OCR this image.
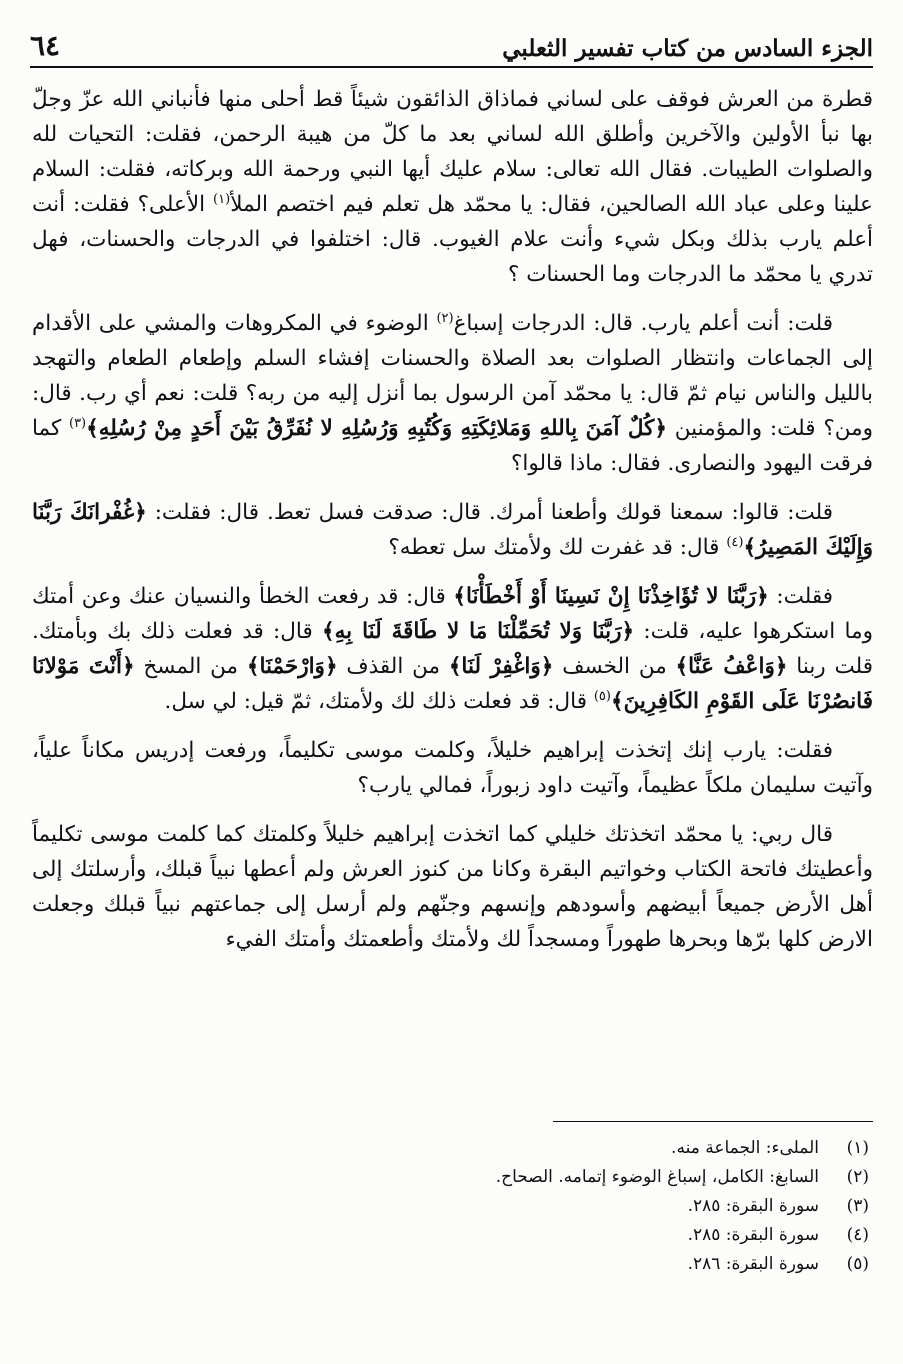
الجزء السادس من كتاب تفسير الثعلبي
٦٤

قطرة من العرش فوقف على لساني فماذاق الذائقون شيئاً قط أحلى منها فأنباني الله عزّ وجلّ بها نبأ الأولين والآخرين وأطلق الله لساني بعد ما كلّ من هيبة الرحمن، فقلت: التحيات لله والصلوات الطيبات. فقال الله تعالى: سلام عليك أيها النبي ورحمة الله وبركاته، فقلت: السلام علينا وعلى عباد الله الصالحين، فقال: يا محمّد هل تعلم فيم اختصم الملأ$^{(١)}$ الأعلى؟ فقلت: أنت أعلم يارب بذلك وبكل شيء وأنت علام الغيوب. قال: اختلفوا في الدرجات والحسنات، فهل تدري يا محمّد ما الدرجات وما الحسنات ؟

قلت: أنت أعلم يارب. قال: الدرجات إسباغ$^{(٢)}$ الوضوء في المكروهات والمشي على الأقدام إلى الجماعات وانتظار الصلوات بعد الصلاة والحسنات إفشاء السلم وإطعام الطعام والتهجد بالليل والناس نيام ثمّ قال: يا محمّد آمن الرسول بما أنزل إليه من ربه؟ قلت: نعم أي رب. قال: ومن؟ قلت: والمؤمنين ﴿كُلٌ آمَنَ بِاللهِ وَمَلائِكَتِهِ وَكُتُبِهِ وَرُسُلِهِ لا نُفَرِّقُ بَيْنَ أَحَدٍ مِنْ رُسُلِهِ﴾$^{(٣)}$ كما فرقت اليهود والنصارى. فقال: ماذا قالوا؟

قلت: قالوا: سمعنا قولك وأطعنا أمرك. قال: صدقت فسل تعط. قال: فقلت: ﴿غُفْرانَكَ رَبَّنَا وَإِلَيْكَ المَصِيرُ﴾$^{(٤)}$ قال: قد غفرت لك ولأمتك سل تعطه؟

فقلت: ﴿رَبَّنَا لا تُؤَاخِذْنَا إِنْ نَسِينَا أَوْ أَخْطَأْنَا﴾ قال: قد رفعت الخطأ والنسيان عنك وعن أمتك وما استكرهوا عليه، قلت: ﴿رَبَّنَا وَلا تُحَمِّلْنَا مَا لا طَاقَةَ لَنَا بِهِ﴾ قال: قد فعلت ذلك بك وبأمتك. قلت ربنا ﴿وَاعْفُ عَنَّا﴾ من الخسف ﴿وَاغْفِرْ لَنَا﴾ من القذف ﴿وَارْحَمْنَا﴾ من المسخ ﴿أَنْتَ مَوْلانَا فَانصُرْنَا عَلَى القَوْمِ الكَافِرِينَ﴾$^{(٥)}$ قال: قد فعلت ذلك لك ولأمتك، ثمّ قيل: لي سل.

فقلت: يارب إنك إتخذت إبراهيم خليلاً، وكلمت موسى تكليماً، ورفعت إدريس مكاناً علياً، وآتيت سليمان ملكاً عظيماً، وآتيت داود زبوراً، فمالي يارب؟

قال ربي: يا محمّد اتخذتك خليلي كما اتخذت إبراهيم خليلاً وكلمتك كما كلمت موسى تكليماً وأعطيتك فاتحة الكتاب وخواتيم البقرة وكانا من كنوز العرش ولم أعطها نبياً قبلك، وأرسلتك إلى أهل الأرض جميعاً أبيضهم وأسودهم وإنسهم وجنّهم ولم أرسل إلى جماعتهم نبياً قبلك وجعلت الارض كلها برّها وبحرها طهوراً ومسجداً لك ولأمتك وأطعمتك وأمتك الفيء

(١)
الملىء: الجماعة منه.
(٢)
السابغ: الكامل، إسباغ الوضوء إتمامه. الصحاح.
(٣)
سورة البقرة: ٢٨٥.
(٤)
سورة البقرة: ٢٨٥.
(٥)
سورة البقرة: ٢٨٦.
